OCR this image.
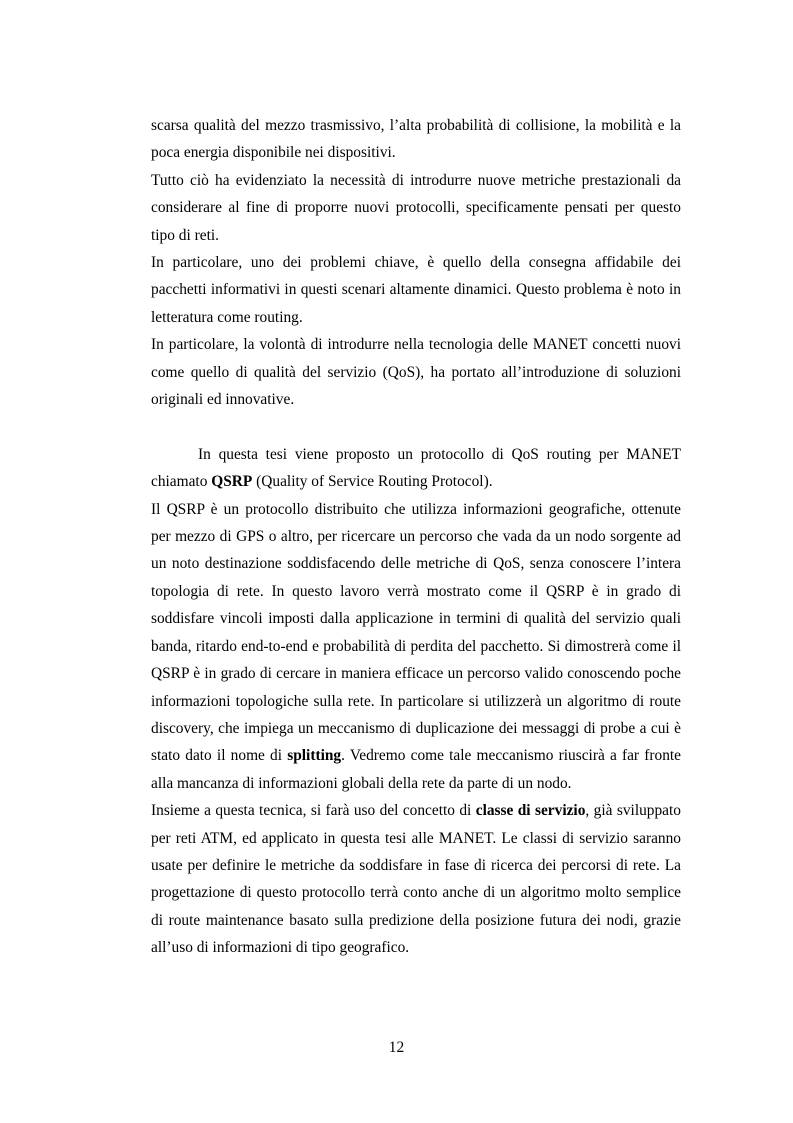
scarsa qualità del mezzo trasmissivo, l’alta probabilità di collisione, la mobilità e la poca energia disponibile nei dispositivi.

Tutto ciò ha evidenziato la necessità di introdurre nuove metriche prestazionali da considerare al fine di proporre nuovi protocolli, specificamente pensati per questo tipo di reti.

In particolare, uno dei problemi chiave, è quello della consegna affidabile dei pacchetti informativi in questi scenari altamente dinamici. Questo problema è noto in letteratura come routing.

In particolare, la volontà di introdurre nella tecnologia delle MANET concetti nuovi come quello di qualità del servizio (QoS), ha portato all’introduzione di soluzioni originali ed innovative.

In questa tesi viene proposto un protocollo di QoS routing per MANET chiamato QSRP (Quality of Service Routing Protocol).

Il QSRP è un protocollo distribuito che utilizza informazioni geografiche, ottenute per mezzo di GPS o altro, per ricercare un percorso che vada da un nodo sorgente ad un noto destinazione soddisfacendo delle metriche di QoS, senza conoscere l’intera topologia di rete. In questo lavoro verrà mostrato come il QSRP è in grado di soddisfare vincoli imposti dalla applicazione in termini di qualità del servizio quali banda, ritardo end-to-end e probabilità di perdita del pacchetto. Si dimostrerà come il QSRP è in grado di cercare in maniera efficace un percorso valido conoscendo poche informazioni topologiche sulla rete. In particolare si utilizzerà un algoritmo di route discovery, che impiega un meccanismo di duplicazione dei messaggi di probe a cui è stato dato il nome di splitting. Vedremo come tale meccanismo riuscirà a far fronte alla mancanza di informazioni globali della rete da parte di un nodo.

Insieme a questa tecnica, si farà uso del concetto di classe di servizio, già sviluppato per reti ATM, ed applicato in questa tesi alle MANET. Le classi di servizio saranno usate per definire le metriche da soddisfare in fase di ricerca dei percorsi di rete. La progettazione di questo protocollo terrà conto anche di un algoritmo molto semplice di route maintenance basato sulla predizione della posizione futura dei nodi, grazie all’uso di informazioni di tipo geografico.

12
